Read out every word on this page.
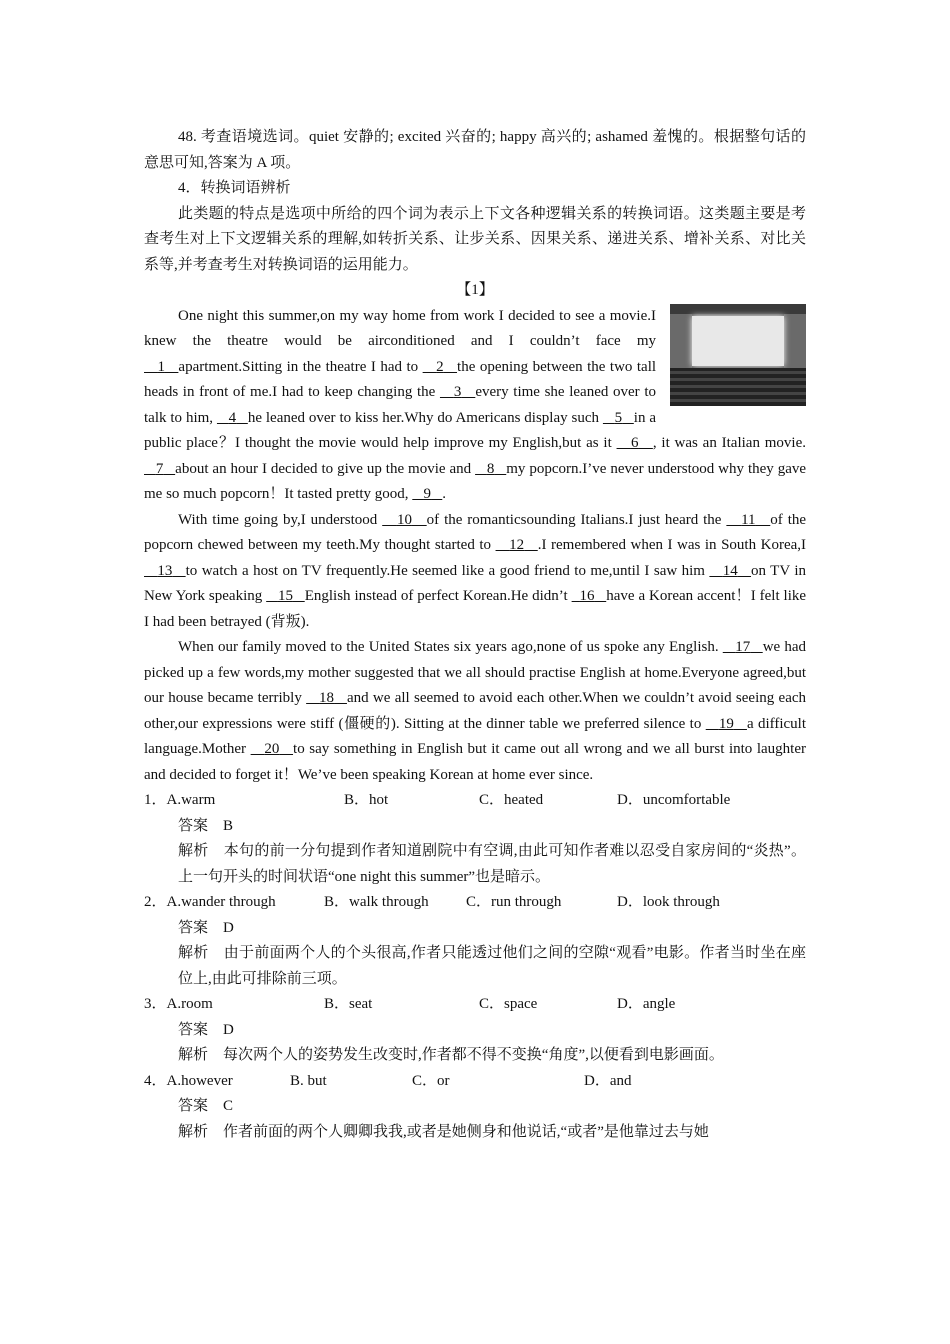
48. 考查语境选词。quiet 安静的; excited 兴奋的; happy 高兴的; ashamed 羞愧的。根据整句话的意思可知,答案为 A 项。

4．转换词语辨析

此类题的特点是选项中所给的四个词为表示上下文各种逻辑关系的转换词语。这类题主要是考查考生对上下文逻辑关系的理解,如转折关系、让步关系、因果关系、递进关系、增补关系、对比关系等,并考查考生对转换词语的运用能力。

【1】

One night this summer,on my way home from work I decided to see a movie.I knew the theatre would be airconditioned and I couldn’t face my    1 apartment.Sitting in the theatre I had to    2 the opening between the two tall heads in front of me.I had to keep changing the    3 every time she leaned over to talk to him,    4 he leaned over to kiss her.Why do Americans display such    5 in a public place？I thought the movie would help improve my English,but as it    6 , it was an Italian movie.    7 about an hour I decided to give up the movie and    8 my popcorn.I’ve never understood why they gave me so much popcorn！It tasted pretty good,    9 .

With time going by,I understood    10 of the romanticsounding Italians.I just heard the    11 of the popcorn chewed between my teeth.My thought started to    12 .I remembered when I was in South Korea,I    13 to watch a host on TV frequently.He seemed like a good friend to me,until I saw him    14 on TV in New York speaking    15 English instead of perfect Korean.He didn’t   16 have a Korean accent！I felt like I had been betrayed (背叛).

When our family moved to the United States six years ago,none of us spoke any English.    17 we had picked up a few words,my mother suggested that we all should practise English at home.Everyone agreed,but our house became terribly    18 and we all seemed to avoid each other.When we couldn’t avoid seeing each other,our expressions were stiff (僵硬的). Sitting at the dinner table we preferred silence to    19 a difficult language.Mother    20 to say something in English but it came out all wrong and we all burst into laughter and decided to forget it！We’ve been speaking Korean at home ever since.

1．A.warm	B．hot	C．heated	D．uncomfortable

答案　 B

解析　 本句的前一分句提到作者知道剧院中有空调,由此可知作者难以忍受自家房间的“炎热”。上一句开头的时间状语“one night this summer”也是暗示。

2．A.wander through	B．walk through	C．run through	D．look through

答案　 D

解析　 由于前面两个人的个头很高,作者只能透过他们之间的空隙“观看”电影。作者当时坐在座位上,由此可排除前三项。

3．A.room	B．seat	C．space	D．angle

答案　 D

解析　 每次两个人的姿势发生改变时,作者都不得不变换“角度”,以便看到电影画面。

4．A.however	B. but	C．or	D．and

答案　 C

解析　 作者前面的两个人卿卿我我,或者是她侧身和他说话,“或者”是他靠过去与她
